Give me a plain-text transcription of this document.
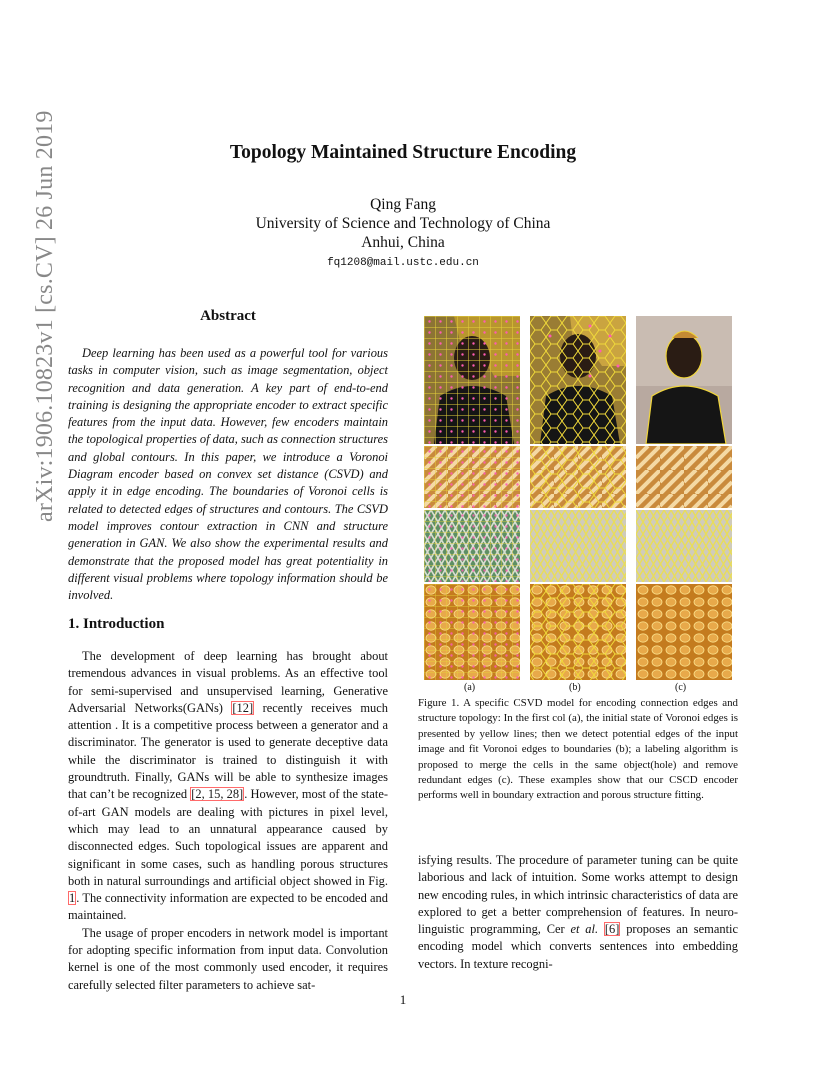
arXiv:1906.10823v1 [cs.CV] 26 Jun 2019	Topology Maintained Structure Encoding
Qing Fang
University of Science and Technology of China
Anhui, China
fq1208@mail.ustc.edu.cn
Abstract
Deep learning has been used as a powerful tool for various tasks in computer vision, such as image segmentation, object recognition and data generation. A key part of end-to-end training is designing the appropriate encoder to extract specific features from the input data. However, few encoders maintain the topological properties of data, such as connection structures and global contours. In this paper, we introduce a Voronoi Diagram encoder based on convex set distance (CSVD) and apply it in edge encoding. The boundaries of Voronoi cells is related to detected edges of structures and contours. The CSVD model improves contour extraction in CNN and structure generation in GAN. We also show the experimental results and demonstrate that the proposed model has great potentiality in different visual problems where topology information should be involved.
1. Introduction

The development of deep learning has brought about tremendous advances in visual problems. As an effective tool for semi-supervised and unsupervised learning, Generative Adversarial Networks(GANs) [12] recently receives much attention . It is a competitive process between a generator and a discriminator. The generator is used to generate deceptive data while the discriminator is trained to distinguish it with groundtruth. Finally, GANs will be able to synthesize images that can’t be recognized [2, 15, 28]. However, most of the state-of-art GAN models are dealing with pictures in pixel level, which may lead to an unnatural appearance caused by disconnected edges. Such topological issues are apparent and significant in some cases, such as handling porous structures both in natural surroundings and artificial object showed in Fig. 1. The connectivity information are expected to be encoded and maintained.

The usage of proper encoders in network model is important for adopting specific information from input data. Convolution kernel is one of the most commonly used encoder, it requires carefully selected filter parameters to achieve sat-

(a)	(b)	(c)
Figure 1. A specific CSVD model for encoding connection edges and structure topology: In the first col (a), the initial state of Voronoi edges is presented by yellow lines; then we detect potential edges of the input image and fit Voronoi edges to boundaries (b); a labeling algorithm is proposed to merge the cells in the same object(hole) and remove redundant edges (c). These examples show that our CSCD encoder performs well in boundary extraction and porous structure fitting.

isfying results. The procedure of parameter tuning can be quite laborious and lack of intuition. Some works attempt to design new encoding rules, in which intrinsic characteristics of data are explored to get a better comprehension of features. In neuro-linguistic programming, Cer et al. [6] proposes an semantic encoding model which converts sentences into embedding vectors. In texture recogni-

1
